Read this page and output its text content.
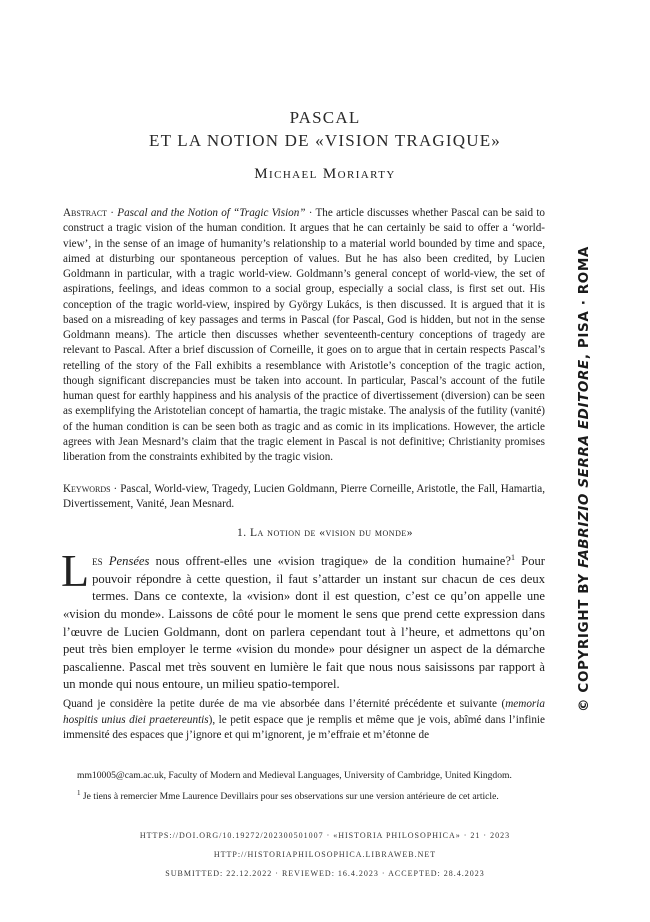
PASCAL
ET LA NOTION DE «VISION TRAGIQUE»
Michael Moriarty

Abstract · Pascal and the Notion of “Tragic Vision” · The article discusses whether Pascal can be said to construct a tragic vision of the human condition. It argues that he can certainly be said to offer a ‘world-view’, in the sense of an image of humanity’s relationship to a material world bounded by time and space, aimed at disturbing our spontaneous perception of values. But he has also been credited, by Lucien Goldmann in particular, with a tragic world-view. Goldmann’s general concept of world-view, the set of aspirations, feelings, and ideas common to a social group, especially a social class, is first set out. His conception of the tragic world-view, inspired by György Lukács, is then discussed. It is argued that it is based on a misreading of key passages and terms in Pascal (for Pascal, God is hidden, but not in the sense Goldmann means). The article then discusses whether seventeenth-century conceptions of tragedy are relevant to Pascal. After a brief discussion of Corneille, it goes on to argue that in certain respects Pascal’s retelling of the story of the Fall exhibits a resemblance with Aristotle’s conception of the tragic action, though significant discrepancies must be taken into account. In particular, Pascal’s account of the futile human quest for earthly happiness and his analysis of the practice of divertissement (diversion) can be seen as exemplifying the Aristotelian concept of hamartia, the tragic mistake. The analysis of the futility (vanité) of the human condition is can be seen both as tragic and as comic in its implications. However, the article agrees with Jean Mesnard’s claim that the tragic element in Pascal is not definitive; Christianity promises liberation from the constraints exhibited by the tragic vision.

Keywords · Pascal, World-view, Tragedy, Lucien Goldmann, Pierre Corneille, Aristotle, the Fall, Hamartia, Divertissement, Vanité, Jean Mesnard.

1. La notion de «vision du monde»

Les Pensées nous offrent-elles une «vision tragique» de la condition humaine?$^1$ Pour pouvoir répondre à cette question, il faut s’attarder un instant sur chacun de ces deux termes. Dans ce contexte, la «vision» dont il est question, c’est ce qu’on appelle une «vision du monde». Laissons de côté pour le moment le sens que prend cette expression dans l’œuvre de Lucien Goldmann, dont on parlera cependant tout à l’heure, et admettons qu’on peut très bien employer le terme «vision du monde» pour désigner un aspect de la démarche pascalienne. Pascal met très souvent en lumière le fait que nous nous saisissons par rapport à un monde qui nous entoure, un milieu spatio-temporel.

Quand je considère la petite durée de ma vie absorbée dans l’éternité précédente et suivante (memoria hospitis unius diei praetereuntis), le petit espace que je remplis et même que je vois, abîmé dans l’infinie immensité des espaces que j’ignore et qui m’ignorent, je m’effraie et m’étonne de

mm10005@cam.ac.uk, Faculty of Modern and Medieval Languages, University of Cambridge, United Kingdom.

$^1$ Je tiens à remercier Mme Laurence Devillairs pour ses observations sur une version antérieure de cet article.

HTTPS://DOI.ORG/10.19272/202300501007 · «HISTORIA PHILOSOPHICA» · 21 · 2023
HTTP://HISTORIAPHILOSOPHICA.LIBRAWEB.NET
SUBMITTED: 22.12.2022 · REVIEWED: 16.4.2023 · ACCEPTED: 28.4.2023
© COPYRIGHT BY FABRIZIO SERRA EDITORE, PISA · ROMA
